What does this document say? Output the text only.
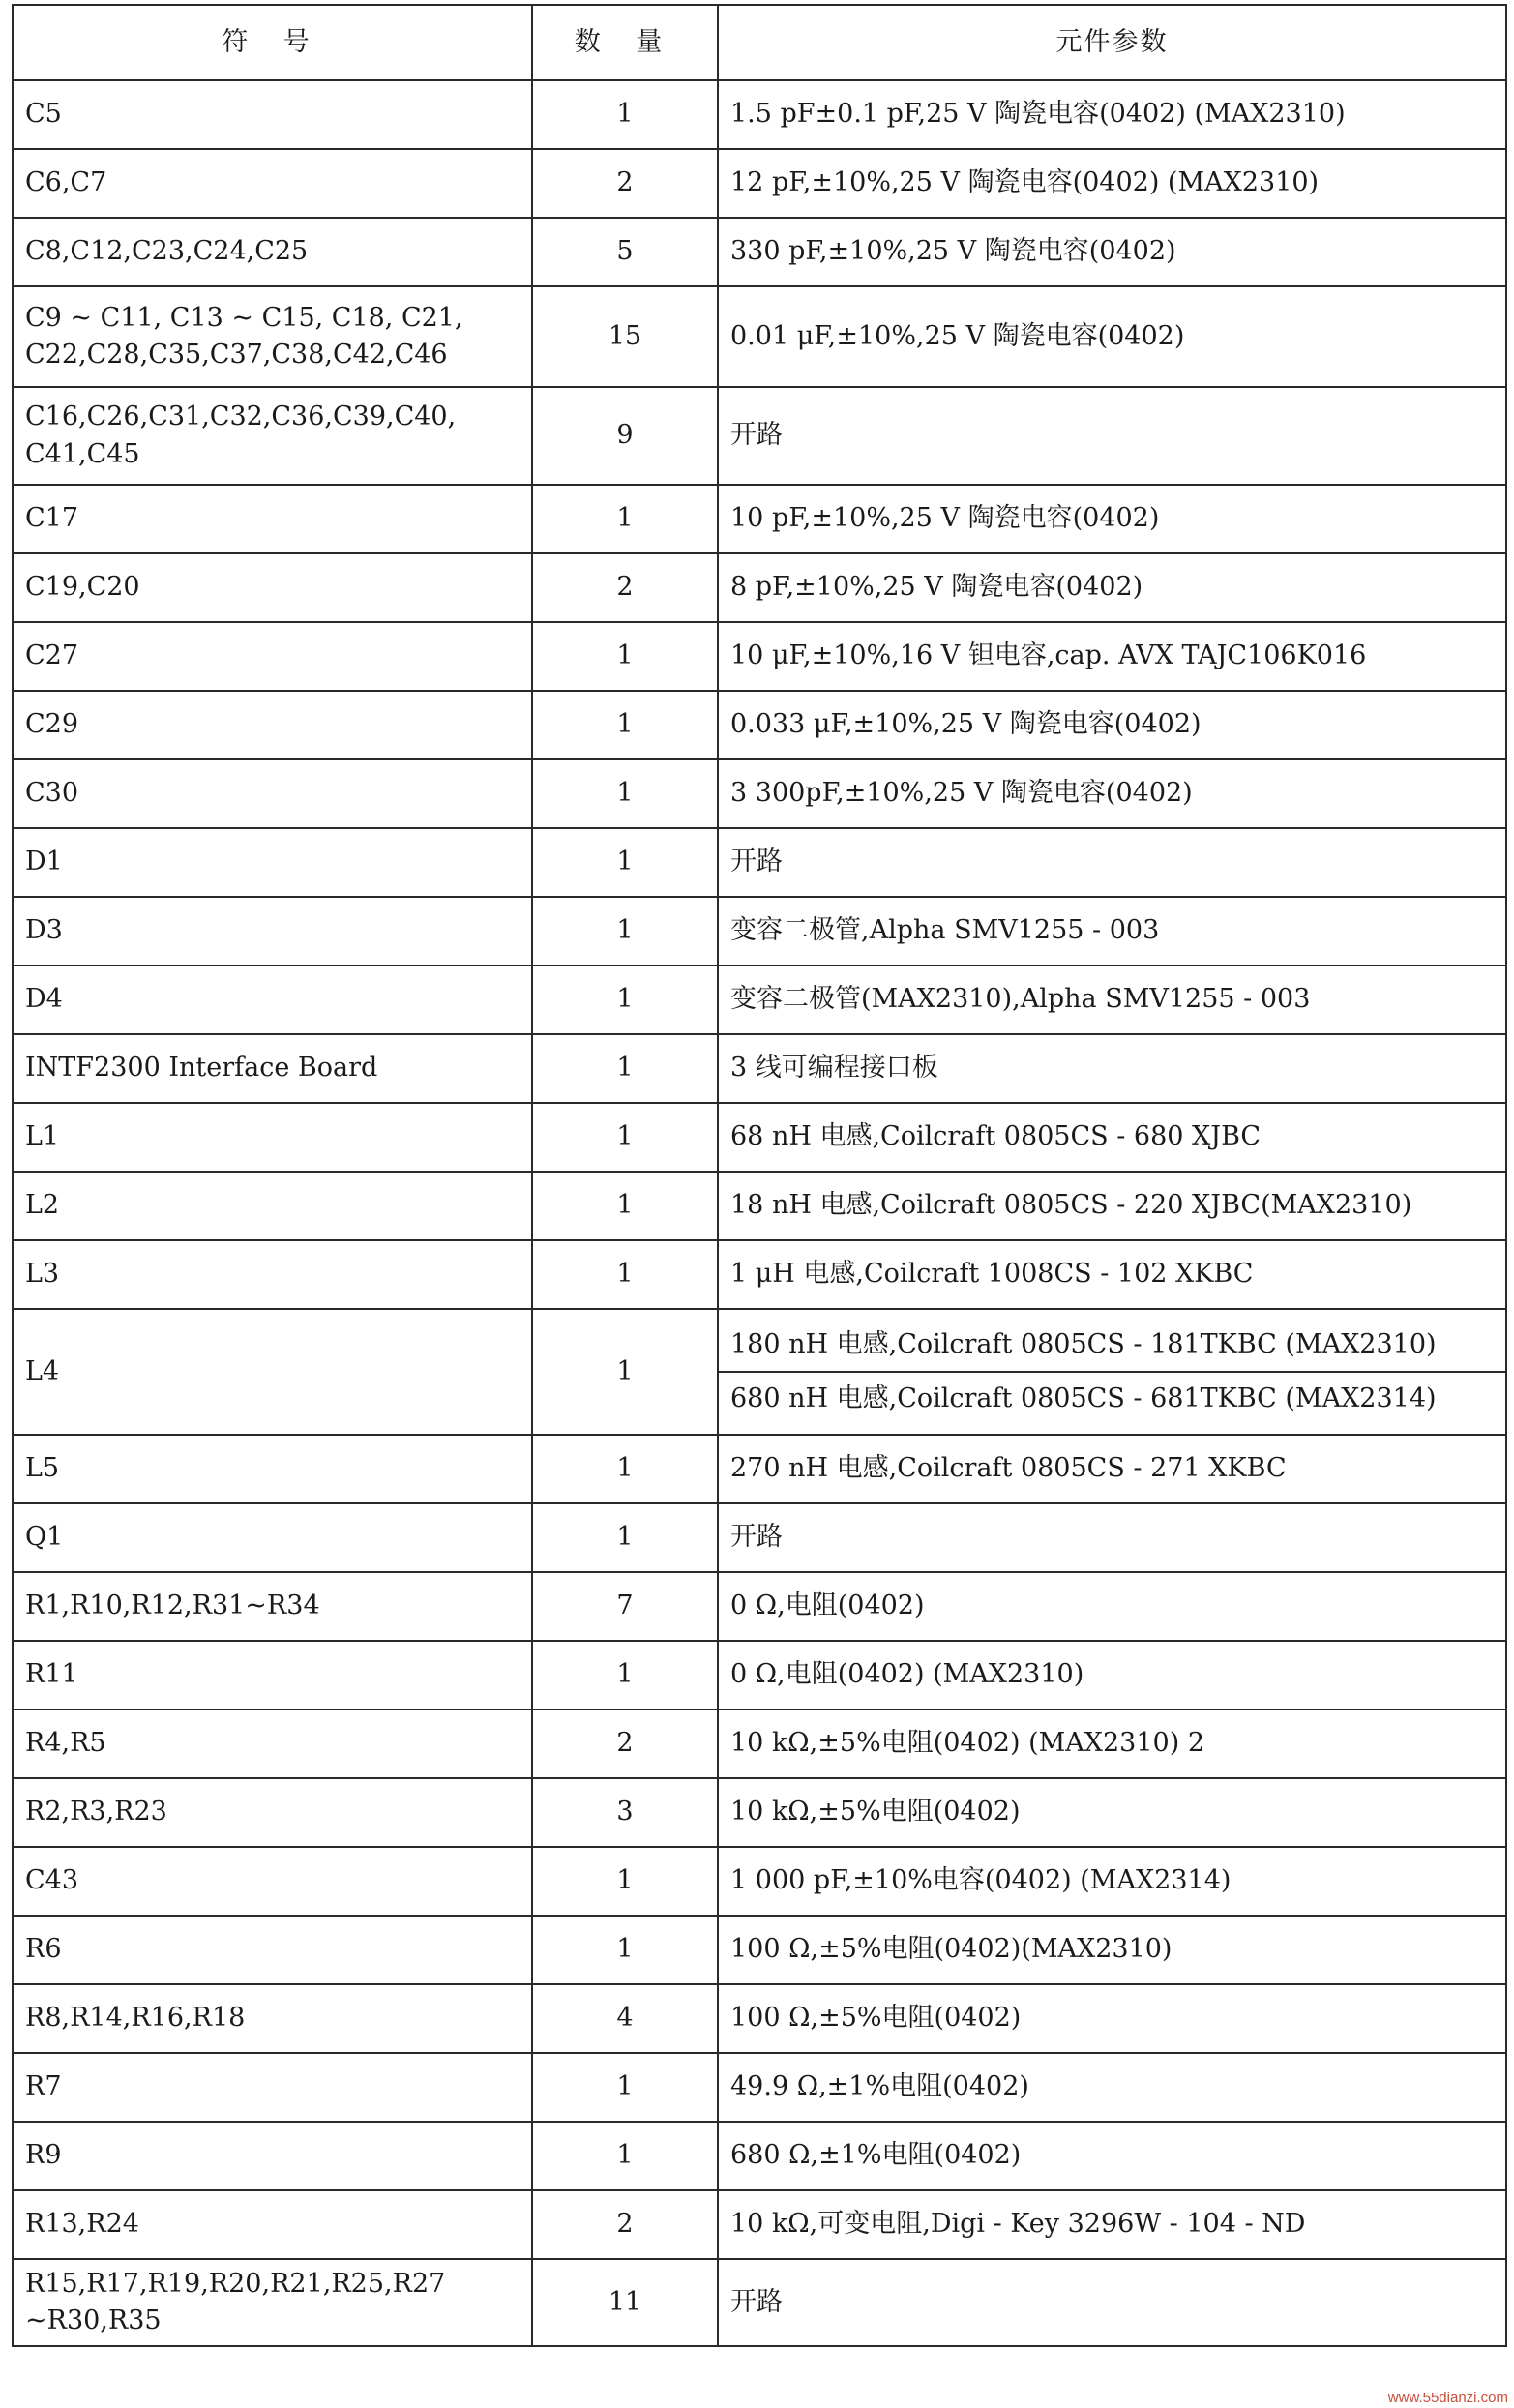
符 号	数 量	元件参数
C5	1	1.5 pF±0.1 pF,25 V 陶瓷电容(0402) (MAX2310)
C6,C7	2	12 pF,±10%,25 V 陶瓷电容(0402) (MAX2310)
C8,C12,C23,C24,C25	5	330 pF,±10%,25 V 陶瓷电容(0402)
C9 ~ C11, C13 ~ C15, C18, C21, C22,C28,C35,C37,C38,C42,C46	15	0.01 μF,±10%,25 V 陶瓷电容(0402)
C16,C26,C31,C32,C36,C39,C40, C41,C45	9	开路
C17	1	10 pF,±10%,25 V 陶瓷电容(0402)
C19,C20	2	8 pF,±10%,25 V 陶瓷电容(0402)
C27	1	10 μF,±10%,16 V 钽电容,cap. AVX TAJC106K016
C29	1	0.033 μF,±10%,25 V 陶瓷电容(0402)
C30	1	3 300pF,±10%,25 V 陶瓷电容(0402)
D1	1	开路
D3	1	变容二极管,Alpha SMV1255 - 003
D4	1	变容二极管(MAX2310),Alpha SMV1255 - 003
INTF2300 Interface Board	1	3 线可编程接口板
L1	1	68 nH 电感,Coilcraft 0805CS - 680 XJBC
L2	1	18 nH 电感,Coilcraft 0805CS - 220 XJBC(MAX2310)
L3	1	1 μH 电感,Coilcraft 1008CS - 102 XKBC
L4	1	180 nH 电感,Coilcraft 0805CS - 181TKBC (MAX2310)
680 nH 电感,Coilcraft 0805CS - 681TKBC (MAX2314)

L5	1	270 nH 电感,Coilcraft 0805CS - 271 XKBC
Q1	1	开路
R1,R10,R12,R31~R34	7	0 Ω,电阻(0402)
R11	1	0 Ω,电阻(0402) (MAX2310)
R4,R5	2	10 kΩ,±5%电阻(0402) (MAX2310) 2
R2,R3,R23	3	10 kΩ,±5%电阻(0402)
C43	1	1 000 pF,±10%电容(0402) (MAX2314)
R6	1	100 Ω,±5%电阻(0402)(MAX2310)
R8,R14,R16,R18	4	100 Ω,±5%电阻(0402)
R7	1	49.9 Ω,±1%电阻(0402)
R9	1	680 Ω,±1%电阻(0402)
R13,R24	2	10 kΩ,可变电阻,Digi - Key 3296W - 104 - ND
R15,R17,R19,R20,R21,R25,R27 ~R30,R35	11	开路
www.55dianzi.com
